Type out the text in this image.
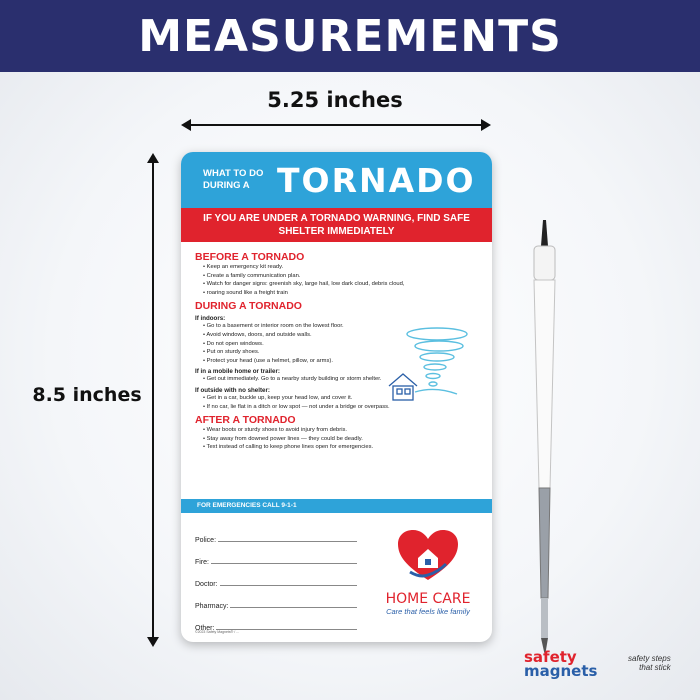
MEASUREMENTS
5.25 inches
8.5 inches
WHAT TO DO DURING A TORNADO
IF YOU ARE UNDER A TORNADO WARNING, FIND SAFE SHELTER IMMEDIATELY
BEFORE A TORNADO
• Keep an emergency kit ready.
• Create a family communication plan.
• Watch for danger signs: greenish sky, large hail, low dark cloud, debris cloud,
• roaring sound like a freight train
DURING A TORNADO
If indoors:
• Go to a basement or interior room on the lowest floor.
• Avoid windows, doors, and outside walls.
• Do not open windows.
• Put on sturdy shoes.
• Protect your head (use a helmet, pillow, or arms).
If in a mobile home or trailer:
• Get out immediately. Go to a nearby sturdy building or storm shelter.
If outside with no shelter:
• Get in a car, buckle up, keep your head low, and cover it.
• If no car, lie flat in a ditch or low spot — not under a bridge or overpass.
AFTER A TORNADO
• Wear boots or sturdy shoes to avoid injury from debris.
• Stay away from downed power lines — they could be deadly.
• Text instead of calling to keep phone lines open for emergencies.
FOR EMERGENCIES CALL 9-1-1
Police:
Fire:
Doctor:
Pharmacy:
Other:
©2023 Safety Magnets® / ...
HOME CARE
Care that feels like family
safety
magnets
safety steps
that stick
